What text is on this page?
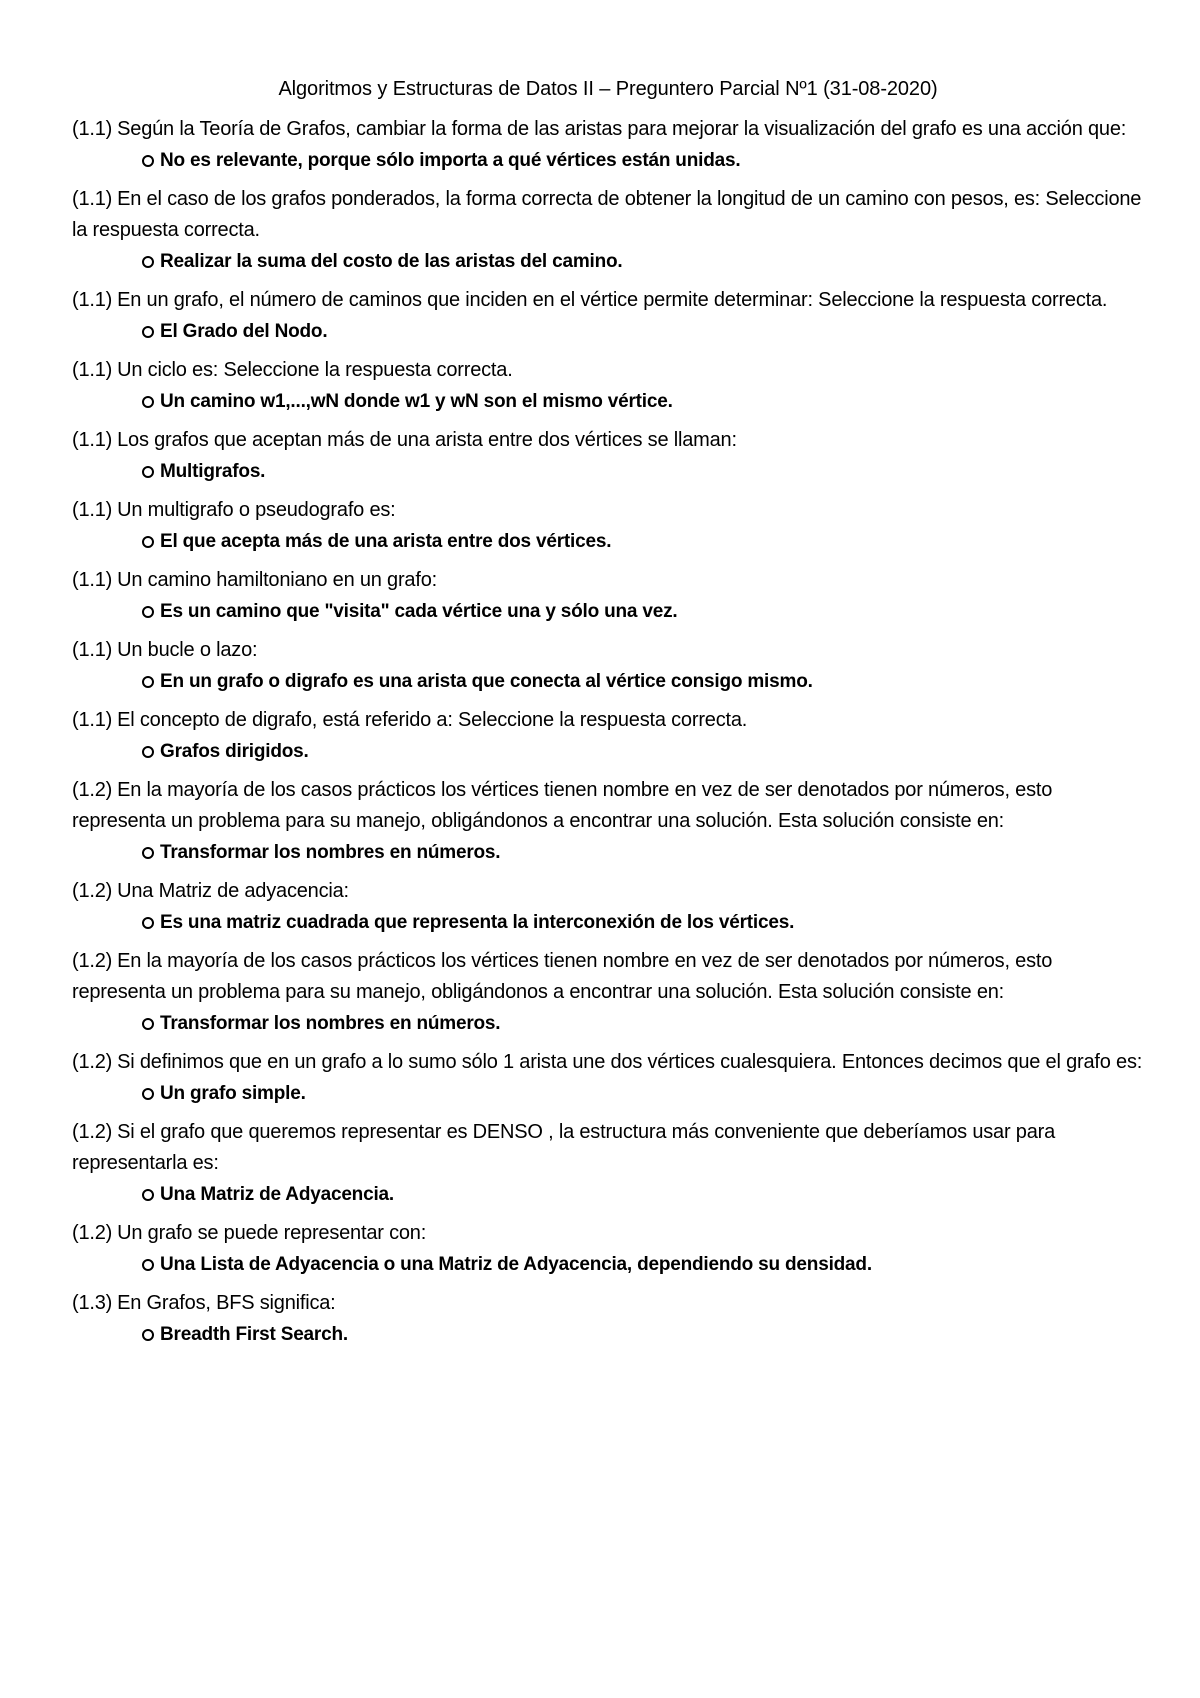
Algoritmos y Estructuras de Datos II – Preguntero Parcial Nº1 (31-08-2020)

(1.1) Según la Teoría de Grafos, cambiar la forma de las aristas para mejorar la visualización del grafo es una acción que:

No es relevante, porque sólo importa a qué vértices están unidas.

(1.1) En el caso de los grafos ponderados, la forma correcta de obtener la longitud de un camino con pesos, es: Seleccione la respuesta correcta.

Realizar la suma del costo de las aristas del camino.

(1.1) En un grafo, el número de caminos que inciden en el vértice permite determinar: Seleccione la respuesta correcta.

El Grado del Nodo.

(1.1) Un ciclo es: Seleccione la respuesta correcta.

Un camino w1,...,wN donde w1 y wN son el mismo vértice.

(1.1) Los grafos que aceptan más de una arista entre dos vértices se llaman:

Multigrafos.

(1.1) Un multigrafo o pseudografo es:

El que acepta más de una arista entre dos vértices.

(1.1) Un camino hamiltoniano en un grafo:

Es un camino que "visita" cada vértice una y sólo una vez.

(1.1) Un bucle o lazo:

En un grafo o digrafo es una arista que conecta al vértice consigo mismo.

(1.1) El concepto de digrafo, está referido a: Seleccione la respuesta correcta.

Grafos dirigidos.

(1.2) En la mayoría de los casos prácticos los vértices tienen nombre en vez de ser denotados por números, esto representa un problema para su manejo, obligándonos a encontrar una solución. Esta solución consiste en:

Transformar los nombres en números.

(1.2) Una Matriz de adyacencia:

Es una matriz cuadrada que representa la interconexión de los vértices.

(1.2) En la mayoría de los casos prácticos los vértices tienen nombre en vez de ser denotados por números, esto representa un problema para su manejo, obligándonos a encontrar una solución. Esta solución consiste en:

Transformar los nombres en números.

(1.2) Si definimos que en un grafo a lo sumo sólo 1 arista une dos vértices cualesquiera. Entonces decimos que el grafo es:

Un grafo simple.

(1.2) Si el grafo que queremos representar es DENSO , la estructura más conveniente que deberíamos usar para representarla es:

Una Matriz de Adyacencia.

(1.2) Un grafo se puede representar con:

Una Lista de Adyacencia o una Matriz de Adyacencia, dependiendo su densidad.

(1.3) En Grafos, BFS significa:

Breadth First Search.
